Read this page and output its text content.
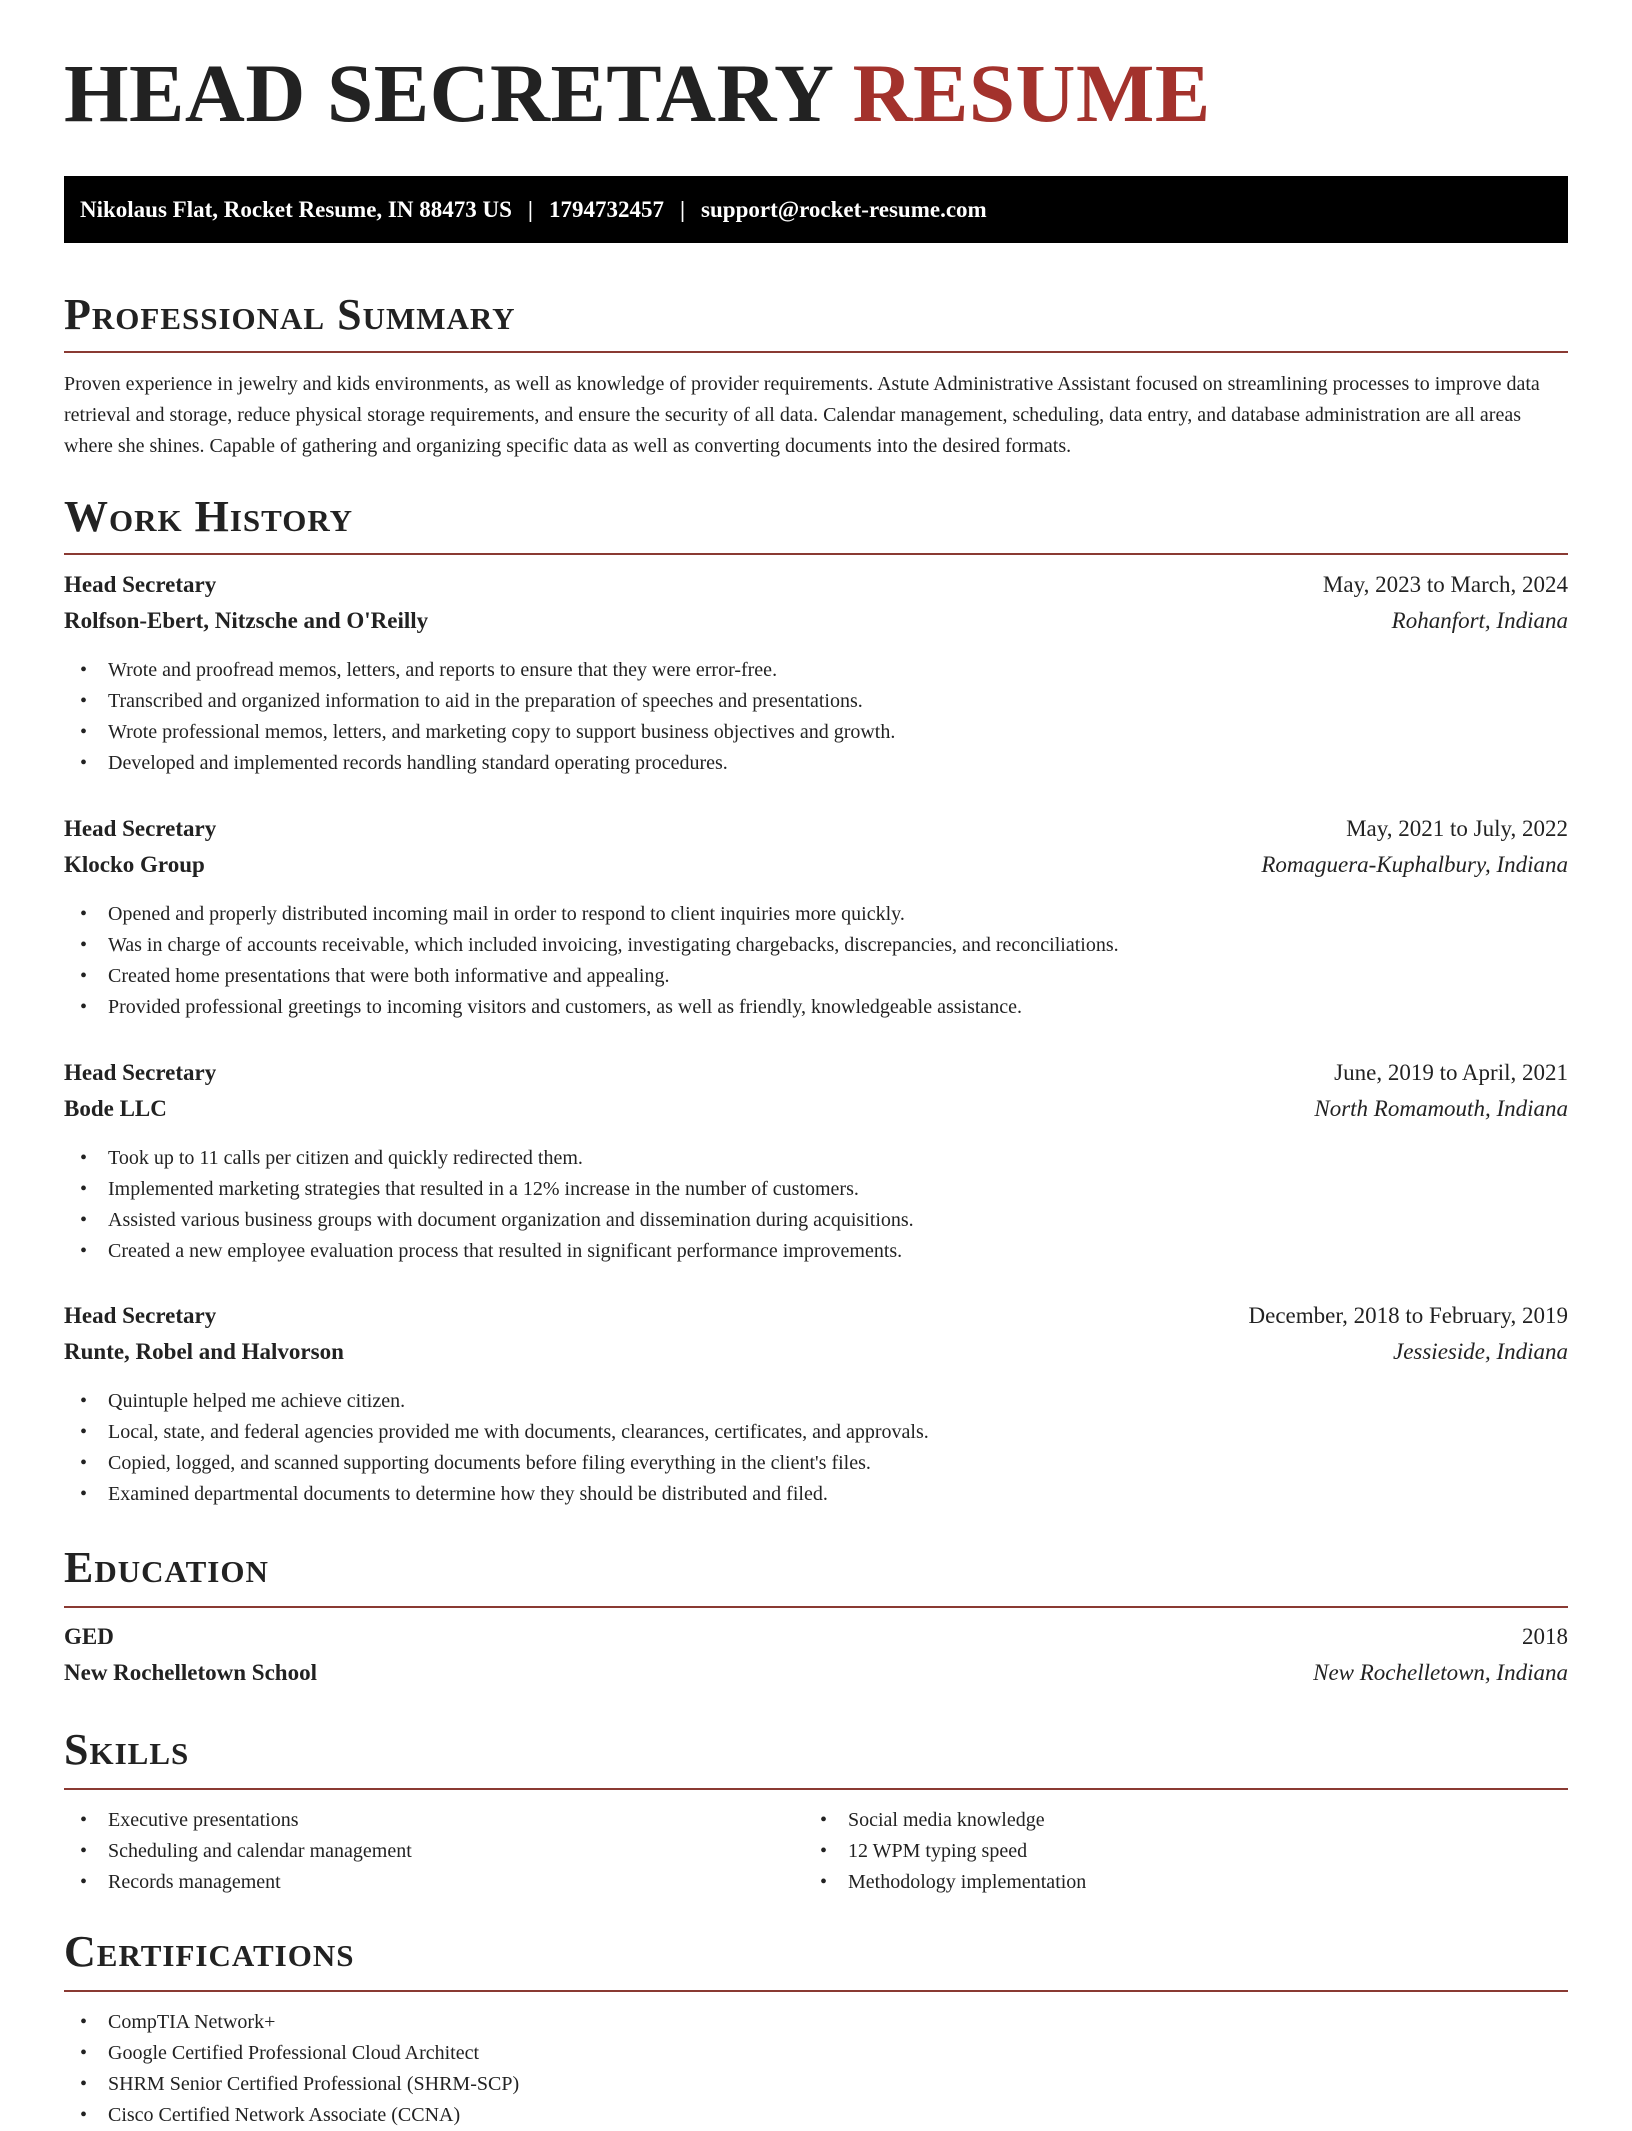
HEAD SECRETARY RESUME
Nikolaus Flat, Rocket Resume, IN 88473 US | 1794732457 | support@rocket-resume.com
Professional Summary

Proven experience in jewelry and kids environments, as well as knowledge of provider requirements. Astute Administrative Assistant focused on streamlining processes to improve data retrieval and storage, reduce physical storage requirements, and ensure the security of all data. Calendar management, scheduling, data entry, and database administration are all areas where she shines. Capable of gathering and organizing specific data as well as converting documents into the desired formats.

Work History
Head Secretary	May, 2023 to March, 2024
Rolfson-Ebert, Nitzsche and O'Reilly	Rohanfort, Indiana
• Wrote and proofread memos, letters, and reports to ensure that they were error-free.
• Transcribed and organized information to aid in the preparation of speeches and presentations.
• Wrote professional memos, letters, and marketing copy to support business objectives and growth.
• Developed and implemented records handling standard operating procedures.
Head Secretary	May, 2021 to July, 2022
Klocko Group	Romaguera-Kuphalbury, Indiana
• Opened and properly distributed incoming mail in order to respond to client inquiries more quickly.
• Was in charge of accounts receivable, which included invoicing, investigating chargebacks, discrepancies, and reconciliations.
• Created home presentations that were both informative and appealing.
• Provided professional greetings to incoming visitors and customers, as well as friendly, knowledgeable assistance.
Head Secretary	June, 2019 to April, 2021
Bode LLC	North Romamouth, Indiana
• Took up to 11 calls per citizen and quickly redirected them.
• Implemented marketing strategies that resulted in a 12% increase in the number of customers.
• Assisted various business groups with document organization and dissemination during acquisitions.
• Created a new employee evaluation process that resulted in significant performance improvements.
Head Secretary	December, 2018 to February, 2019
Runte, Robel and Halvorson	Jessieside, Indiana
• Quintuple helped me achieve citizen.
• Local, state, and federal agencies provided me with documents, clearances, certificates, and approvals.
• Copied, logged, and scanned supporting documents before filing everything in the client's files.
• Examined departmental documents to determine how they should be distributed and filed.
Education
GED	2018
New Rochelletown School	New Rochelletown, Indiana
Skills
• Executive presentations
• Scheduling and calendar management
• Records management
• Social media knowledge
• 12 WPM typing speed
• Methodology implementation
Certifications
• CompTIA Network+
• Google Certified Professional Cloud Architect
• SHRM Senior Certified Professional (SHRM-SCP)
• Cisco Certified Network Associate (CCNA)
